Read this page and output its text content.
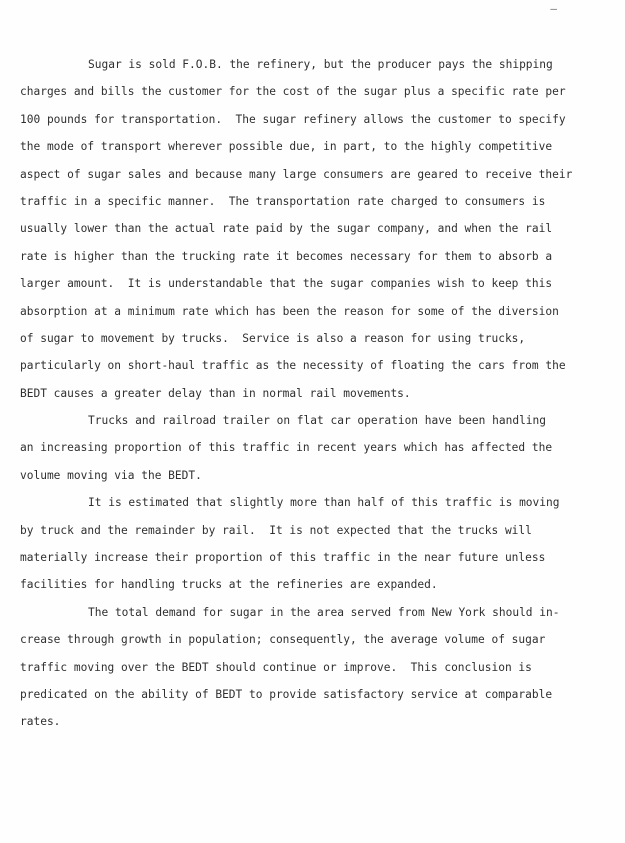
—
Sugar is sold F.O.B. the refinery, but the producer pays the shipping
charges and bills the customer for the cost of the sugar plus a specific rate per
100 pounds for transportation.  The sugar refinery allows the customer to specify
the mode of transport wherever possible due, in part, to the highly competitive
aspect of sugar sales and because many large consumers are geared to receive their
traffic in a specific manner.  The transportation rate charged to consumers is
usually lower than the actual rate paid by the sugar company, and when the rail
rate is higher than the trucking rate it becomes necessary for them to absorb a
larger amount.  It is understandable that the sugar companies wish to keep this
absorption at a minimum rate which has been the reason for some of the diversion
of sugar to movement by trucks.  Service is also a reason for using trucks,
particularly on short-haul traffic as the necessity of floating the cars from the
BEDT causes a greater delay than in normal rail movements.
Trucks and railroad trailer on flat car operation have been handling
an increasing proportion of this traffic in recent years which has affected the
volume moving via the BEDT.
It is estimated that slightly more than half of this traffic is moving
by truck and the remainder by rail.  It is not expected that the trucks will
materially increase their proportion of this traffic in the near future unless
facilities for handling trucks at the refineries are expanded.
The total demand for sugar in the area served from New York should in-
crease through growth in population; consequently, the average volume of sugar
traffic moving over the BEDT should continue or improve.  This conclusion is
predicated on the ability of BEDT to provide satisfactory service at comparable
rates.
